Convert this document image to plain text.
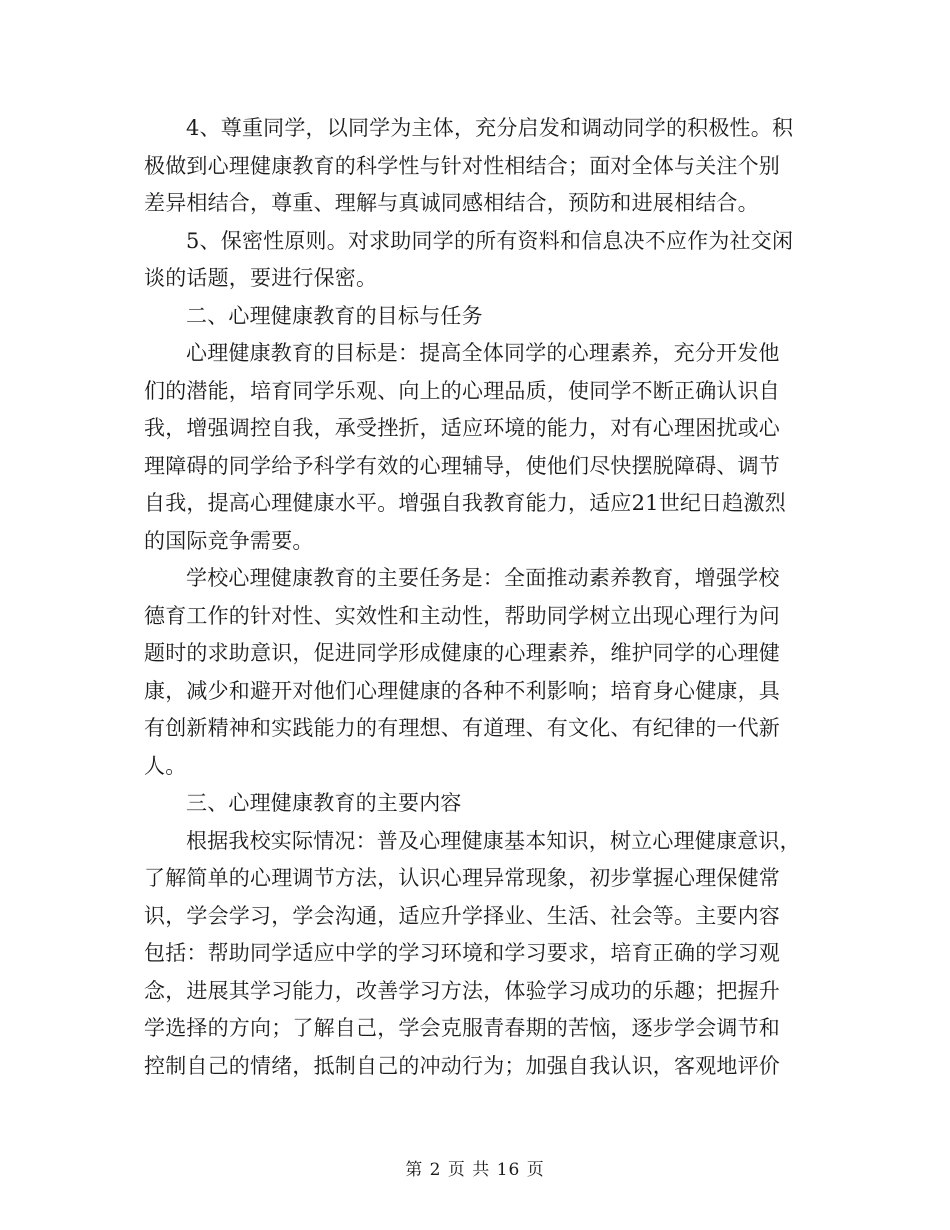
4、尊重同学，以同学为主体，充分启发和调动同学的积极性。积
极做到心理健康教育的科学性与针对性相结合；面对全体与关注个别
差异相结合，尊重、理解与真诚同感相结合，预防和进展相结合。
5、保密性原则。对求助同学的所有资料和信息决不应作为社交闲
谈的话题，要进行保密。
二、心理健康教育的目标与任务
心理健康教育的目标是：提高全体同学的心理素养，充分开发他
们的潜能，培育同学乐观、向上的心理品质，使同学不断正确认识自
我，增强调控自我，承受挫折，适应环境的能力，对有心理困扰或心
理障碍的同学给予科学有效的心理辅导，使他们尽快摆脱障碍、调节
自我，提高心理健康水平。增强自我教育能力，适应21世纪日趋激烈
的国际竞争需要。
学校心理健康教育的主要任务是：全面推动素养教育，增强学校
德育工作的针对性、实效性和主动性，帮助同学树立出现心理行为问
题时的求助意识，促进同学形成健康的心理素养，维护同学的心理健
康，减少和避开对他们心理健康的各种不利影响；培育身心健康，具
有创新精神和实践能力的有理想、有道理、有文化、有纪律的一代新
人。
三、心理健康教育的主要内容
根据我校实际情况：普及心理健康基本知识，树立心理健康意识，
了解简单的心理调节方法，认识心理异常现象，初步掌握心理保健常
识，学会学习，学会沟通，适应升学择业、生活、社会等。主要内容
包括：帮助同学适应中学的学习环境和学习要求，培育正确的学习观
念，进展其学习能力，改善学习方法，体验学习成功的乐趣；把握升
学选择的方向；了解自己，学会克服青春期的苦恼，逐步学会调节和
控制自己的情绪，抵制自己的冲动行为；加强自我认识，客观地评价
第 2 页 共 16 页
